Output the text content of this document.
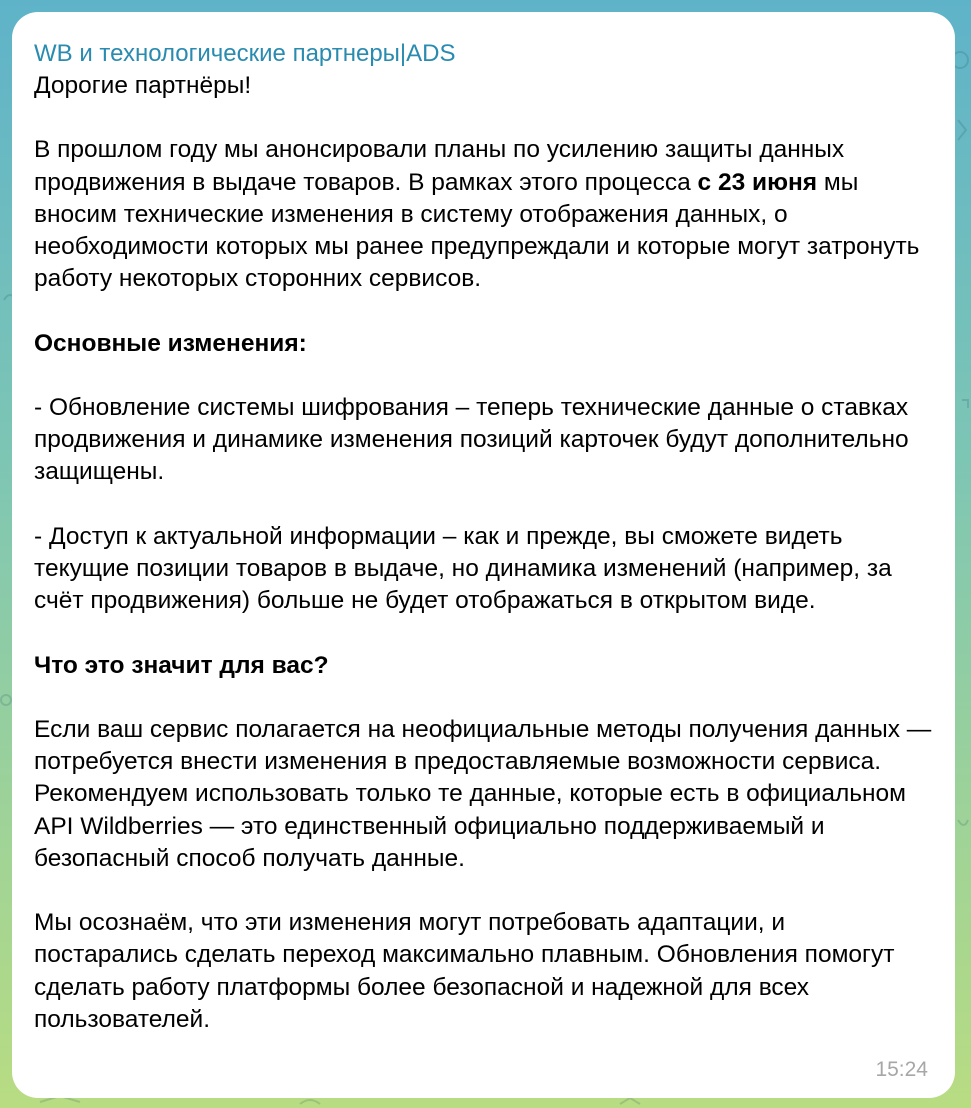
WB и технологические партнеры|ADS

Дорогие партнёры!

В прошлом году мы анонсировали планы по усилению защиты данных продвижения в выдаче товаров. В рамках этого процесса с 23 июня мы вносим технические изменения в систему отображения данных, о необходимости которых мы ранее предупреждали и которые могут затронуть работу некоторых сторонних сервисов.

Основные изменения:

- Обновление системы шифрования – теперь технические данные о ставках продвижения и динамике изменения позиций карточек будут дополнительно защищены.

- Доступ к актуальной информации – как и прежде, вы сможете видеть текущие позиции товаров в выдаче, но динамика изменений (например, за счёт продвижения) больше не будет отображаться в открытом виде.

Что это значит для вас?

Если ваш сервис полагается на неофициальные методы получения данных — потребуется внести изменения в предоставляемые возможности сервиса. Рекомендуем использовать только те данные, которые есть в официальном API Wildberries — это единственный официально поддерживаемый и безопасный способ получать данные.

Мы осознаём, что эти изменения могут потребовать адаптации, и постарались сделать переход максимально плавным. Обновления помогут сделать работу платформы более безопасной и надежной для всех пользователей.

15:24
